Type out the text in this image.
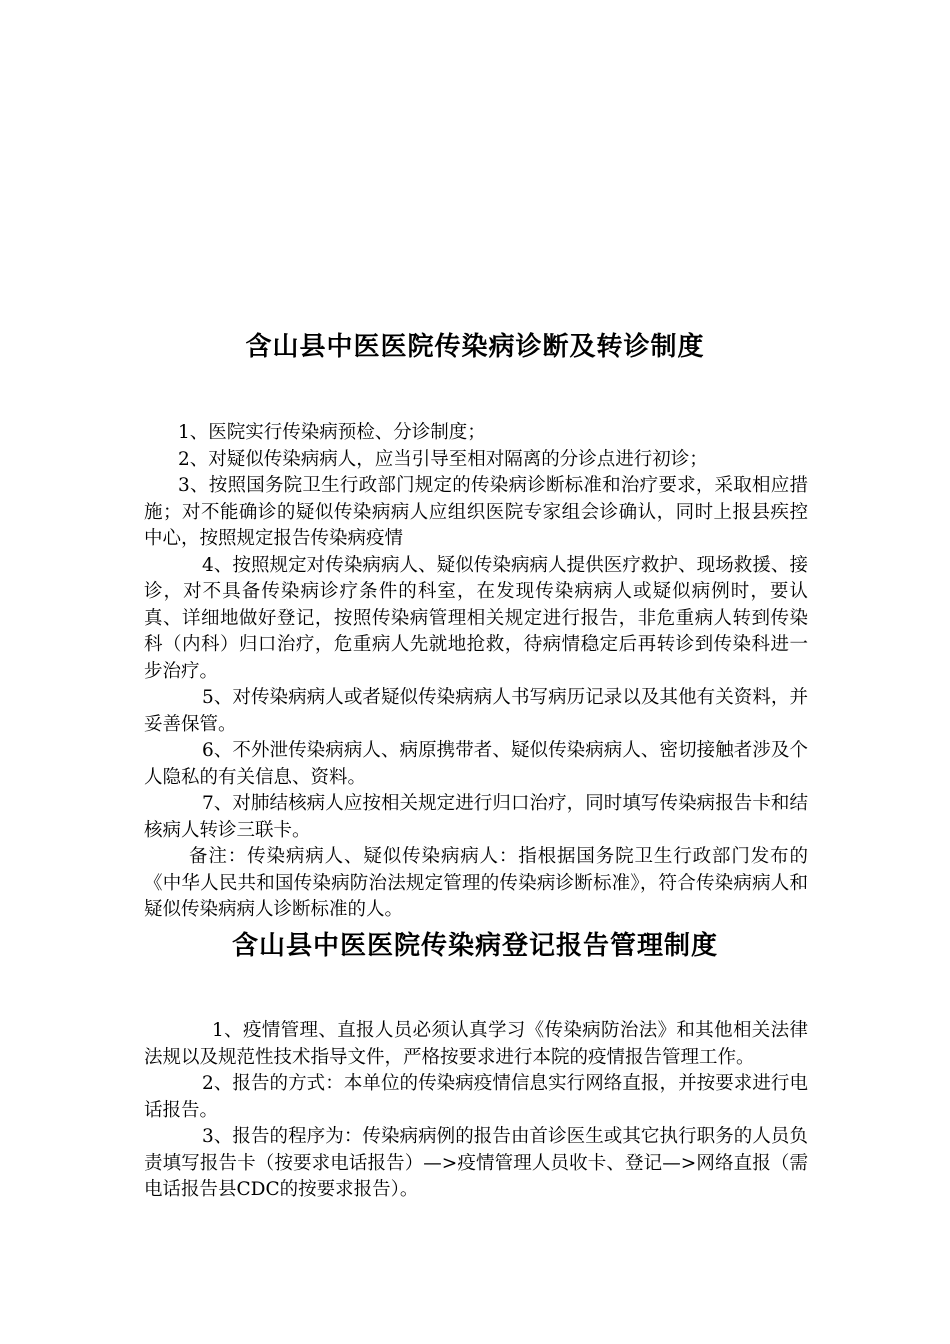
含山县中医医院传染病诊断及转诊制度

1、医院实行传染病预检、分诊制度；

2、对疑似传染病病人，应当引导至相对隔离的分诊点进行初诊；

3、按照国务院卫生行政部门规定的传染病诊断标准和治疗要求，采取相应措施；对不能确诊的疑似传染病病人应组织医院专家组会诊确认，同时上报县疾控中心，按照规定报告传染病疫情

4、按照规定对传染病病人、疑似传染病病人提供医疗救护、现场救援、接诊，对不具备传染病诊疗条件的科室，在发现传染病病人或疑似病例时，要认真、详细地做好登记，按照传染病管理相关规定进行报告，非危重病人转到传染科（内科）归口治疗，危重病人先就地抢救，待病情稳定后再转诊到传染科进一步治疗。

5、对传染病病人或者疑似传染病病人书写病历记录以及其他有关资料，并妥善保管。

6、不外泄传染病病人、病原携带者、疑似传染病病人、密切接触者涉及个人隐私的有关信息、资料。

7、对肺结核病人应按相关规定进行归口治疗，同时填写传染病报告卡和结核病人转诊三联卡。

备注：传染病病人、疑似传染病病人：指根据国务院卫生行政部门发布的《中华人民共和国传染病防治法规定管理的传染病诊断标准》，符合传染病病人和疑似传染病病人诊断标准的人。

含山县中医医院传染病登记报告管理制度

1、疫情管理、直报人员必须认真学习《传染病防治法》和其他相关法律法规以及规范性技术指导文件，严格按要求进行本院的疫情报告管理工作。

2、报告的方式：本单位的传染病疫情信息实行网络直报，并按要求进行电话报告。

3、报告的程序为：传染病病例的报告由首诊医生或其它执行职务的人员负责填写报告卡（按要求电话报告）—>疫情管理人员收卡、登记—>网络直报（需电话报告县CDC的按要求报告）。
